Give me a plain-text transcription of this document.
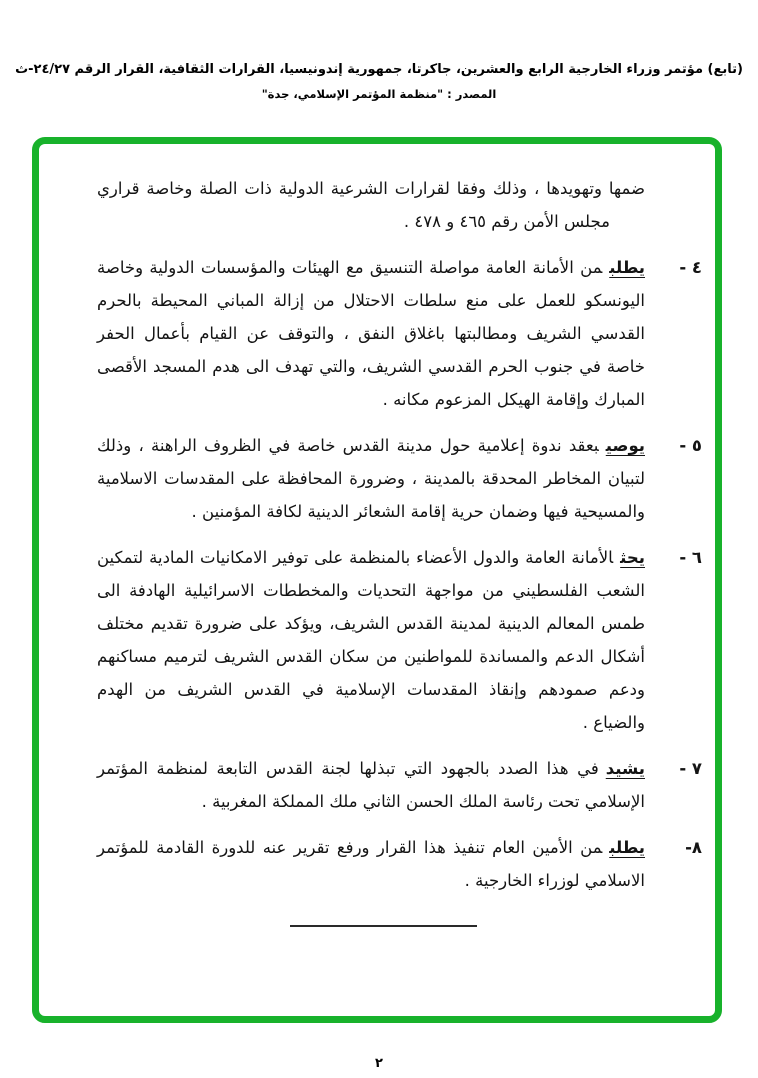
(تابع) مؤتمر وزراء الخارجية الرابع والعشرين، جاكرتا، جمهورية إندونيسيا، القرارات الثقافية، القرار الرقم ٢٤/٢٧-ث
المصدر : "منظمة المؤتمر الإسلامي، جدة"
ضمها وتهويدها ، وذلك وفقا لقرارات الشرعية الدولية ذات الصلة وخاصة قراري
مجلس الأمن رقم ٤٦٥ و ٤٧٨ .
٤ -
يطلبمن الأمانة العامة مواصلة التنسيق مع الهيئات والمؤسسات الدولية وخاصة اليونسكو للعمل على منع سلطات الاحتلال من إزالة المباني المحيطة بالحرم القدسي الشريف ومطالبتها باغلاق النفق ، والتوقف عن القيام بأعمال الحفر خاصة في جنوب الحرم القدسي الشريف، والتي تهدف الى هدم المسجد الأقصى المبارك وإقامة الهيكل المزعوم مكانه .
٥ -
يوصيبعقد ندوة إعلامية حول مدينة القدس خاصة في الظروف الراهنة ، وذلك لتبيان المخاطر المحدقة بالمدينة ، وضرورة المحافظة على المقدسات الاسلامية والمسيحية فيها وضمان حرية إقامة الشعائر الدينية لكافة المؤمنين .
٦ -
يحثالأمانة العامة والدول الأعضاء بالمنظمة على توفير الامكانيات المادية لتمكين الشعب الفلسطيني من مواجهة التحديات والمخططات الاسرائيلية الهادفة الى طمس المعالم الدينية لمدينة القدس الشريف، ويؤكد على ضرورة تقديم مختلف أشكال الدعم والمساندة للمواطنين من سكان القدس الشريف لترميم مساكنهم ودعم صمودهم وإنقاذ المقدسات الإسلامية في القدس الشريف من الهدم والضياع .
٧ -
يشيدفي هذا الصدد بالجهود التي تبذلها لجنة القدس التابعة لمنظمة المؤتمر الإسلامي تحت رئاسة الملك الحسن الثاني ملك المملكة المغربية .
٨-
يطلبمن الأمين العام تنفيذ هذا القرار ورفع تقرير عنه للدورة القادمة للمؤتمر الاسلامي لوزراء الخارجية .
٢
